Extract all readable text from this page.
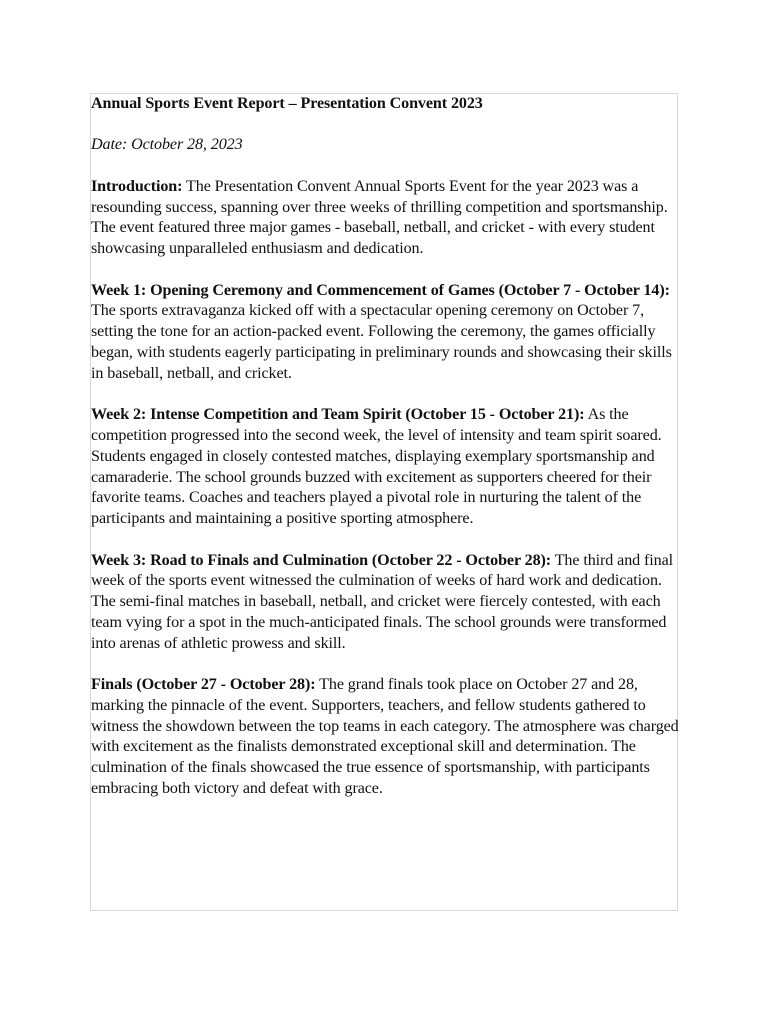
Annual Sports Event Report – Presentation Convent 2023

Date: October 28, 2023

Introduction: The Presentation Convent Annual Sports Event for the year 2023 was a resounding success, spanning over three weeks of thrilling competition and sportsmanship. The event featured three major games - baseball, netball, and cricket - with every student showcasing unparalleled enthusiasm and dedication.

Week 1: Opening Ceremony and Commencement of Games (October 7 - October 14): The sports extravaganza kicked off with a spectacular opening ceremony on October 7, setting the tone for an action-packed event. Following the ceremony, the games officially began, with students eagerly participating in preliminary rounds and showcasing their skills in baseball, netball, and cricket.

Week 2: Intense Competition and Team Spirit (October 15 - October 21): As the competition progressed into the second week, the level of intensity and team spirit soared. Students engaged in closely contested matches, displaying exemplary sportsmanship and camaraderie. The school grounds buzzed with excitement as supporters cheered for their favorite teams. Coaches and teachers played a pivotal role in nurturing the talent of the participants and maintaining a positive sporting atmosphere.

Week 3: Road to Finals and Culmination (October 22 - October 28): The third and final week of the sports event witnessed the culmination of weeks of hard work and dedication. The semi-final matches in baseball, netball, and cricket were fiercely contested, with each team vying for a spot in the much-anticipated finals. The school grounds were transformed into arenas of athletic prowess and skill.

Finals (October 27 - October 28): The grand finals took place on October 27 and 28, marking the pinnacle of the event. Supporters, teachers, and fellow students gathered to witness the showdown between the top teams in each category. The atmosphere was charged with excitement as the finalists demonstrated exceptional skill and determination. The culmination of the finals showcased the true essence of sportsmanship, with participants embracing both victory and defeat with grace.
